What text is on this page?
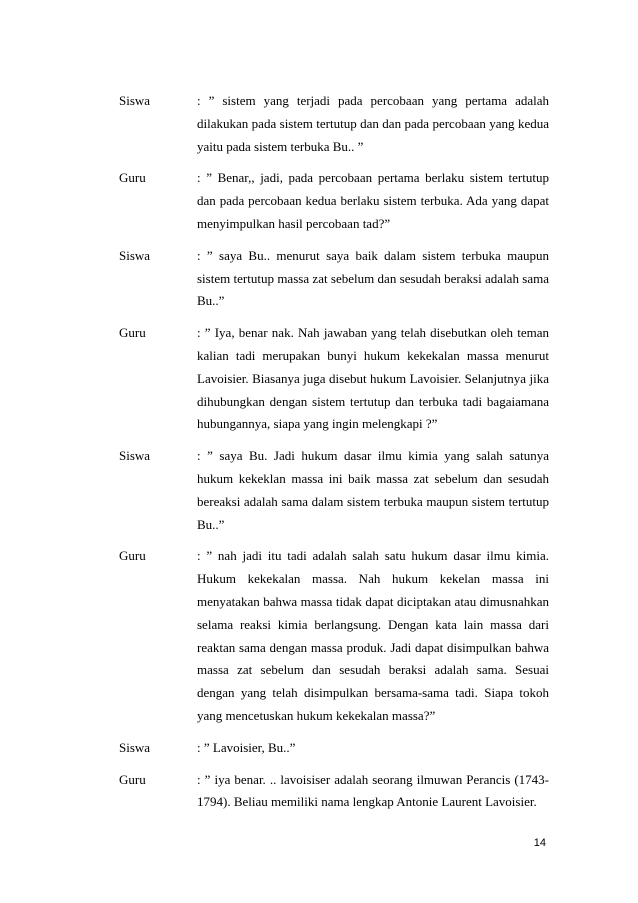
Siswa	: ” sistem yang terjadi pada percobaan yang pertama adalah dilakukan pada sistem tertutup dan dan pada percobaan yang kedua yaitu pada sistem terbuka Bu.. ”
Guru	: ” Benar,, jadi, pada percobaan pertama berlaku sistem tertutup dan pada percobaan kedua berlaku sistem terbuka. Ada yang dapat menyimpulkan hasil percobaan tad?”
Siswa	: ” saya Bu.. menurut saya baik dalam sistem terbuka maupun sistem tertutup massa zat sebelum dan sesudah beraksi adalah sama Bu..”
Guru	: ” Iya, benar nak. Nah jawaban yang telah disebutkan oleh teman kalian tadi merupakan bunyi hukum kekekalan massa menurut Lavoisier. Biasanya juga disebut hukum Lavoisier. Selanjutnya jika dihubungkan dengan sistem tertutup dan terbuka tadi bagaiamana hubungannya, siapa yang ingin melengkapi ?”
Siswa	: ” saya Bu. Jadi hukum dasar ilmu kimia yang salah satunya hukum kekeklan massa ini baik massa zat sebelum dan sesudah bereaksi adalah sama dalam sistem terbuka maupun sistem tertutup Bu..”
Guru	: ” nah jadi itu tadi adalah salah satu hukum dasar ilmu kimia. Hukum kekekalan massa. Nah hukum kekelan massa ini menyatakan bahwa massa tidak dapat diciptakan atau dimusnahkan selama reaksi kimia berlangsung. Dengan kata lain massa dari reaktan sama dengan massa produk. Jadi dapat disimpulkan bahwa massa zat sebelum dan sesudah beraksi adalah sama. Sesuai dengan yang telah disimpulkan bersama-sama tadi. Siapa tokoh yang mencetuskan hukum kekekalan massa?”
Siswa	: ” Lavoisier, Bu..”
Guru	: ” iya benar. .. lavoisiser adalah seorang ilmuwan Perancis (1743-1794). Beliau memiliki nama lengkap Antonie Laurent Lavoisier.
14
